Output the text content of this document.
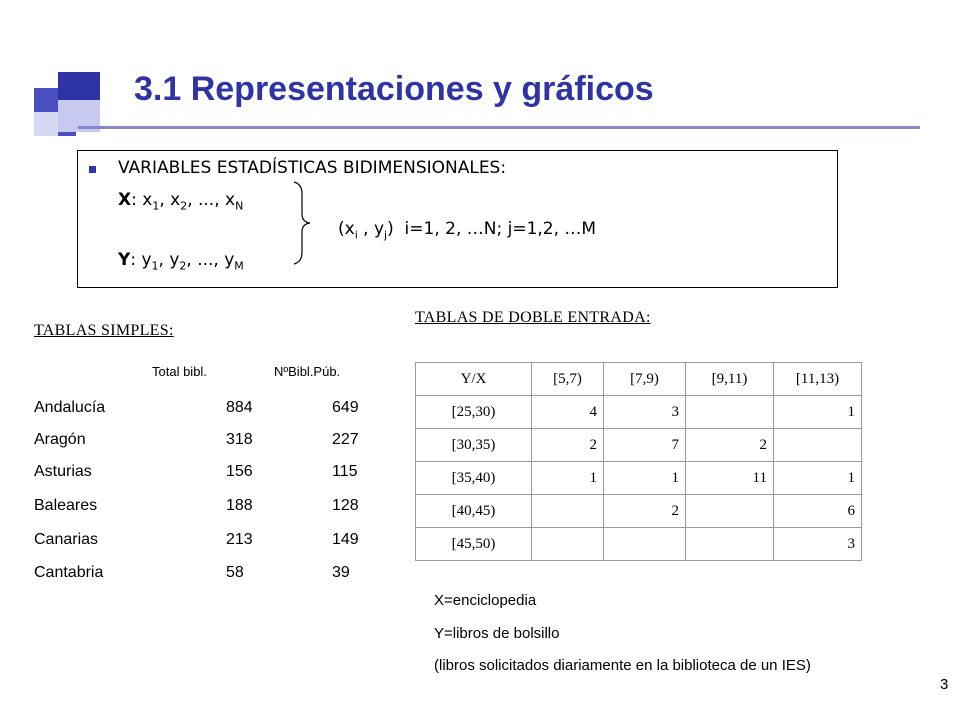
3.1 Representaciones y gráficos
VARIABLES ESTADÍSTICAS BIDIMENSIONALES:
X: $x_1$, $x_2$, ..., $x_N$
Y: $y_1$, $y_2$, ..., $y_M$
($x_i$ , $y_j$)  i=1, 2, …N; j=1,2, …M
TABLAS SIMPLES:
Total bibl.	NºBibl.Púb.
Andalucía	884	649
Aragón	318	227
Asturias	156	115
Baleares	188	128
Canarias	213	149
Cantabria	58	39
TABLAS DE DOBLE ENTRADA:
Y/X	[5,7)	[7,9)	[9,11)	[11,13)
[25,30)	4	3		1
[30,35)	2	7	2	
[35,40)	1	1	11	1
[40,45)		2		6
[45,50)				3
X=enciclopedia
Y=libros de bolsillo
(libros solicitados diariamente en la biblioteca de un IES)
3
